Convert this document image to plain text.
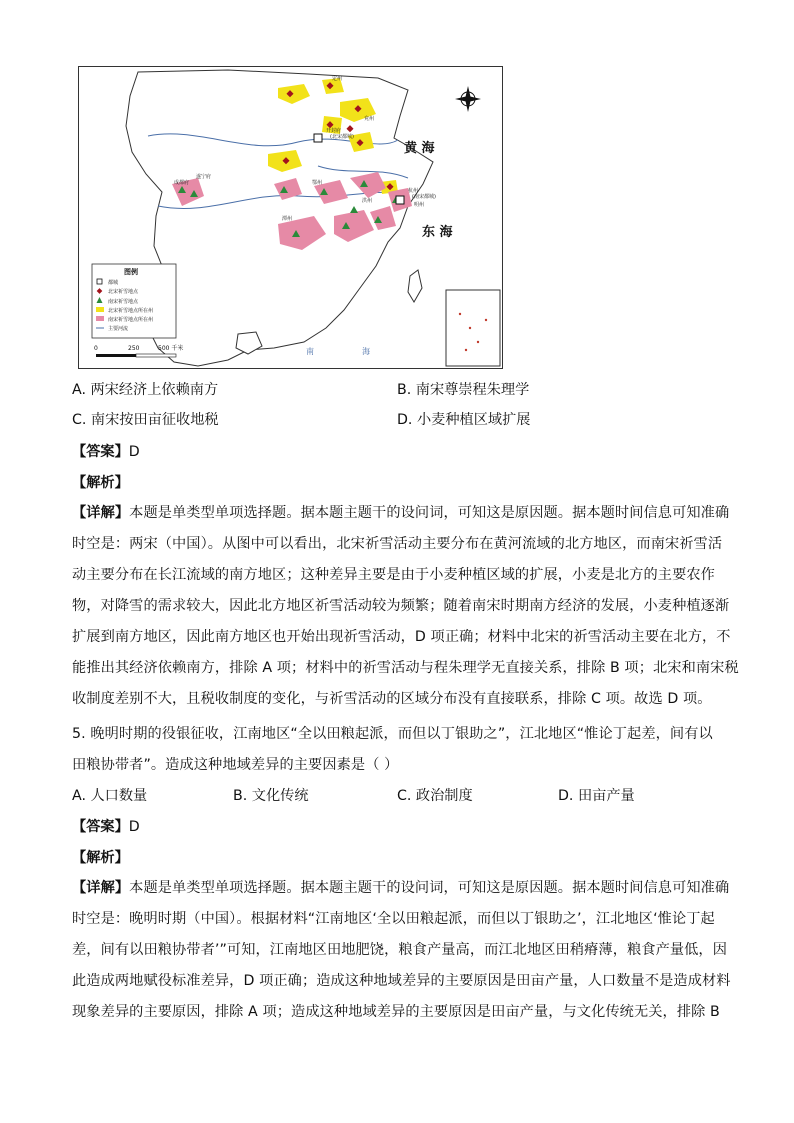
成都府
遂宁府
潭州
鄂州
杭州
(南宋都城)
开封府
(北宋都城)
兖州
明州
定州
洪州
黄 海
东 海
南	海
图例
都城
北宋祈雪地点
南宋祈雪地点
北宋祈雪地点所在州
南宋祈雪地点所在州
主要河流
0	250	500 千米
A. 两宋经济上依赖南方	B. 南宋尊崇程朱理学
C. 南宋按田亩征收地税	D. 小麦种植区域扩展
【答案】D
【解析】
【详解】本题是单类型单项选择题。据本题主题干的设问词，可知这是原因题。据本题时间信息可知准确
时空是：两宋（中国）。从图中可以看出，北宋祈雪活动主要分布在黄河流域的北方地区，而南宋祈雪活
动主要分布在长江流域的南方地区；这种差异主要是由于小麦种植区域的扩展，小麦是北方的主要农作
物，对降雪的需求较大，因此北方地区祈雪活动较为频繁；随着南宋时期南方经济的发展，小麦种植逐渐
扩展到南方地区，因此南方地区也开始出现祈雪活动，D 项正确；材料中北宋的祈雪活动主要在北方，不
能推出其经济依赖南方，排除 A 项；材料中的祈雪活动与程朱理学无直接关系，排除 B 项；北宋和南宋税
收制度差别不大，且税收制度的变化，与祈雪活动的区域分布没有直接联系，排除 C 项。故选 D 项。
5. 晚明时期的役银征收，江南地区“全以田粮起派，而但以丁银助之”，江北地区“惟论丁起差，间有以
田粮协带者”。造成这种地域差异的主要因素是（ ）
A. 人口数量	B. 文化传统	C. 政治制度	D. 田亩产量
【答案】D
【解析】
【详解】本题是单类型单项选择题。据本题主题干的设问词，可知这是原因题。据本题时间信息可知准确
时空是：晚明时期（中国）。根据材料“江南地区‘全以田粮起派，而但以丁银助之’，江北地区‘惟论丁起
差，间有以田粮协带者’”可知，江南地区田地肥饶，粮食产量高，而江北地区田稍瘠薄，粮食产量低，因
此造成两地赋役标准差异，D 项正确；造成这种地域差异的主要原因是田亩产量，人口数量不是造成材料
现象差异的主要原因，排除 A 项；造成这种地域差异的主要原因是田亩产量，与文化传统无关，排除 B
